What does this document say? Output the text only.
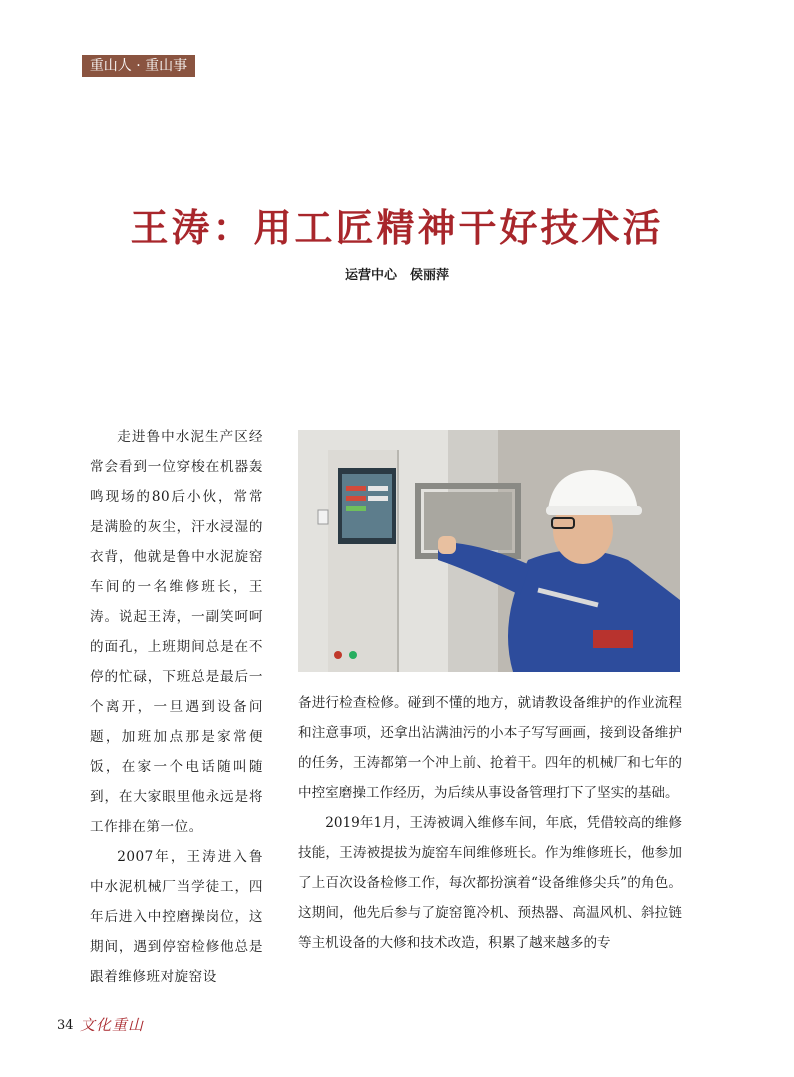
重山人 · 重山事
王涛：用工匠精神干好技术活
运营中心　侯丽萍

走进鲁中水泥生产区经常会看到一位穿梭在机器轰鸣现场的80后小伙，常常是满脸的灰尘，汗水浸湿的衣背，他就是鲁中水泥旋窑车间的一名维修班长，王涛。说起王涛，一副笑呵呵的面孔，上班期间总是在不停的忙碌，下班总是最后一个离开，一旦遇到设备问题，加班加点那是家常便饭，在家一个电话随叫随到，在大家眼里他永远是将工作排在第一位。

2007年，王涛进入鲁中水泥机械厂当学徒工，四年后进入中控磨操岗位，这期间，遇到停窑检修他总是跟着维修班对旋窑设

备进行检查检修。碰到不懂的地方，就请教设备维护的作业流程和注意事项，还拿出沾满油污的小本子写写画画，接到设备维护的任务，王涛都第一个冲上前、抢着干。四年的机械厂和七年的中控室磨操工作经历，为后续从事设备管理打下了坚实的基础。

2019年1月，王涛被调入维修车间，年底，凭借较高的维修技能，王涛被提拔为旋窑车间维修班长。作为维修班长，他参加了上百次设备检修工作，每次都扮演着“设备维修尖兵”的角色。这期间，他先后参与了旋窑篦冷机、预热器、高温风机、斜拉链等主机设备的大修和技术改造，积累了越来越多的专

34 文化重山
